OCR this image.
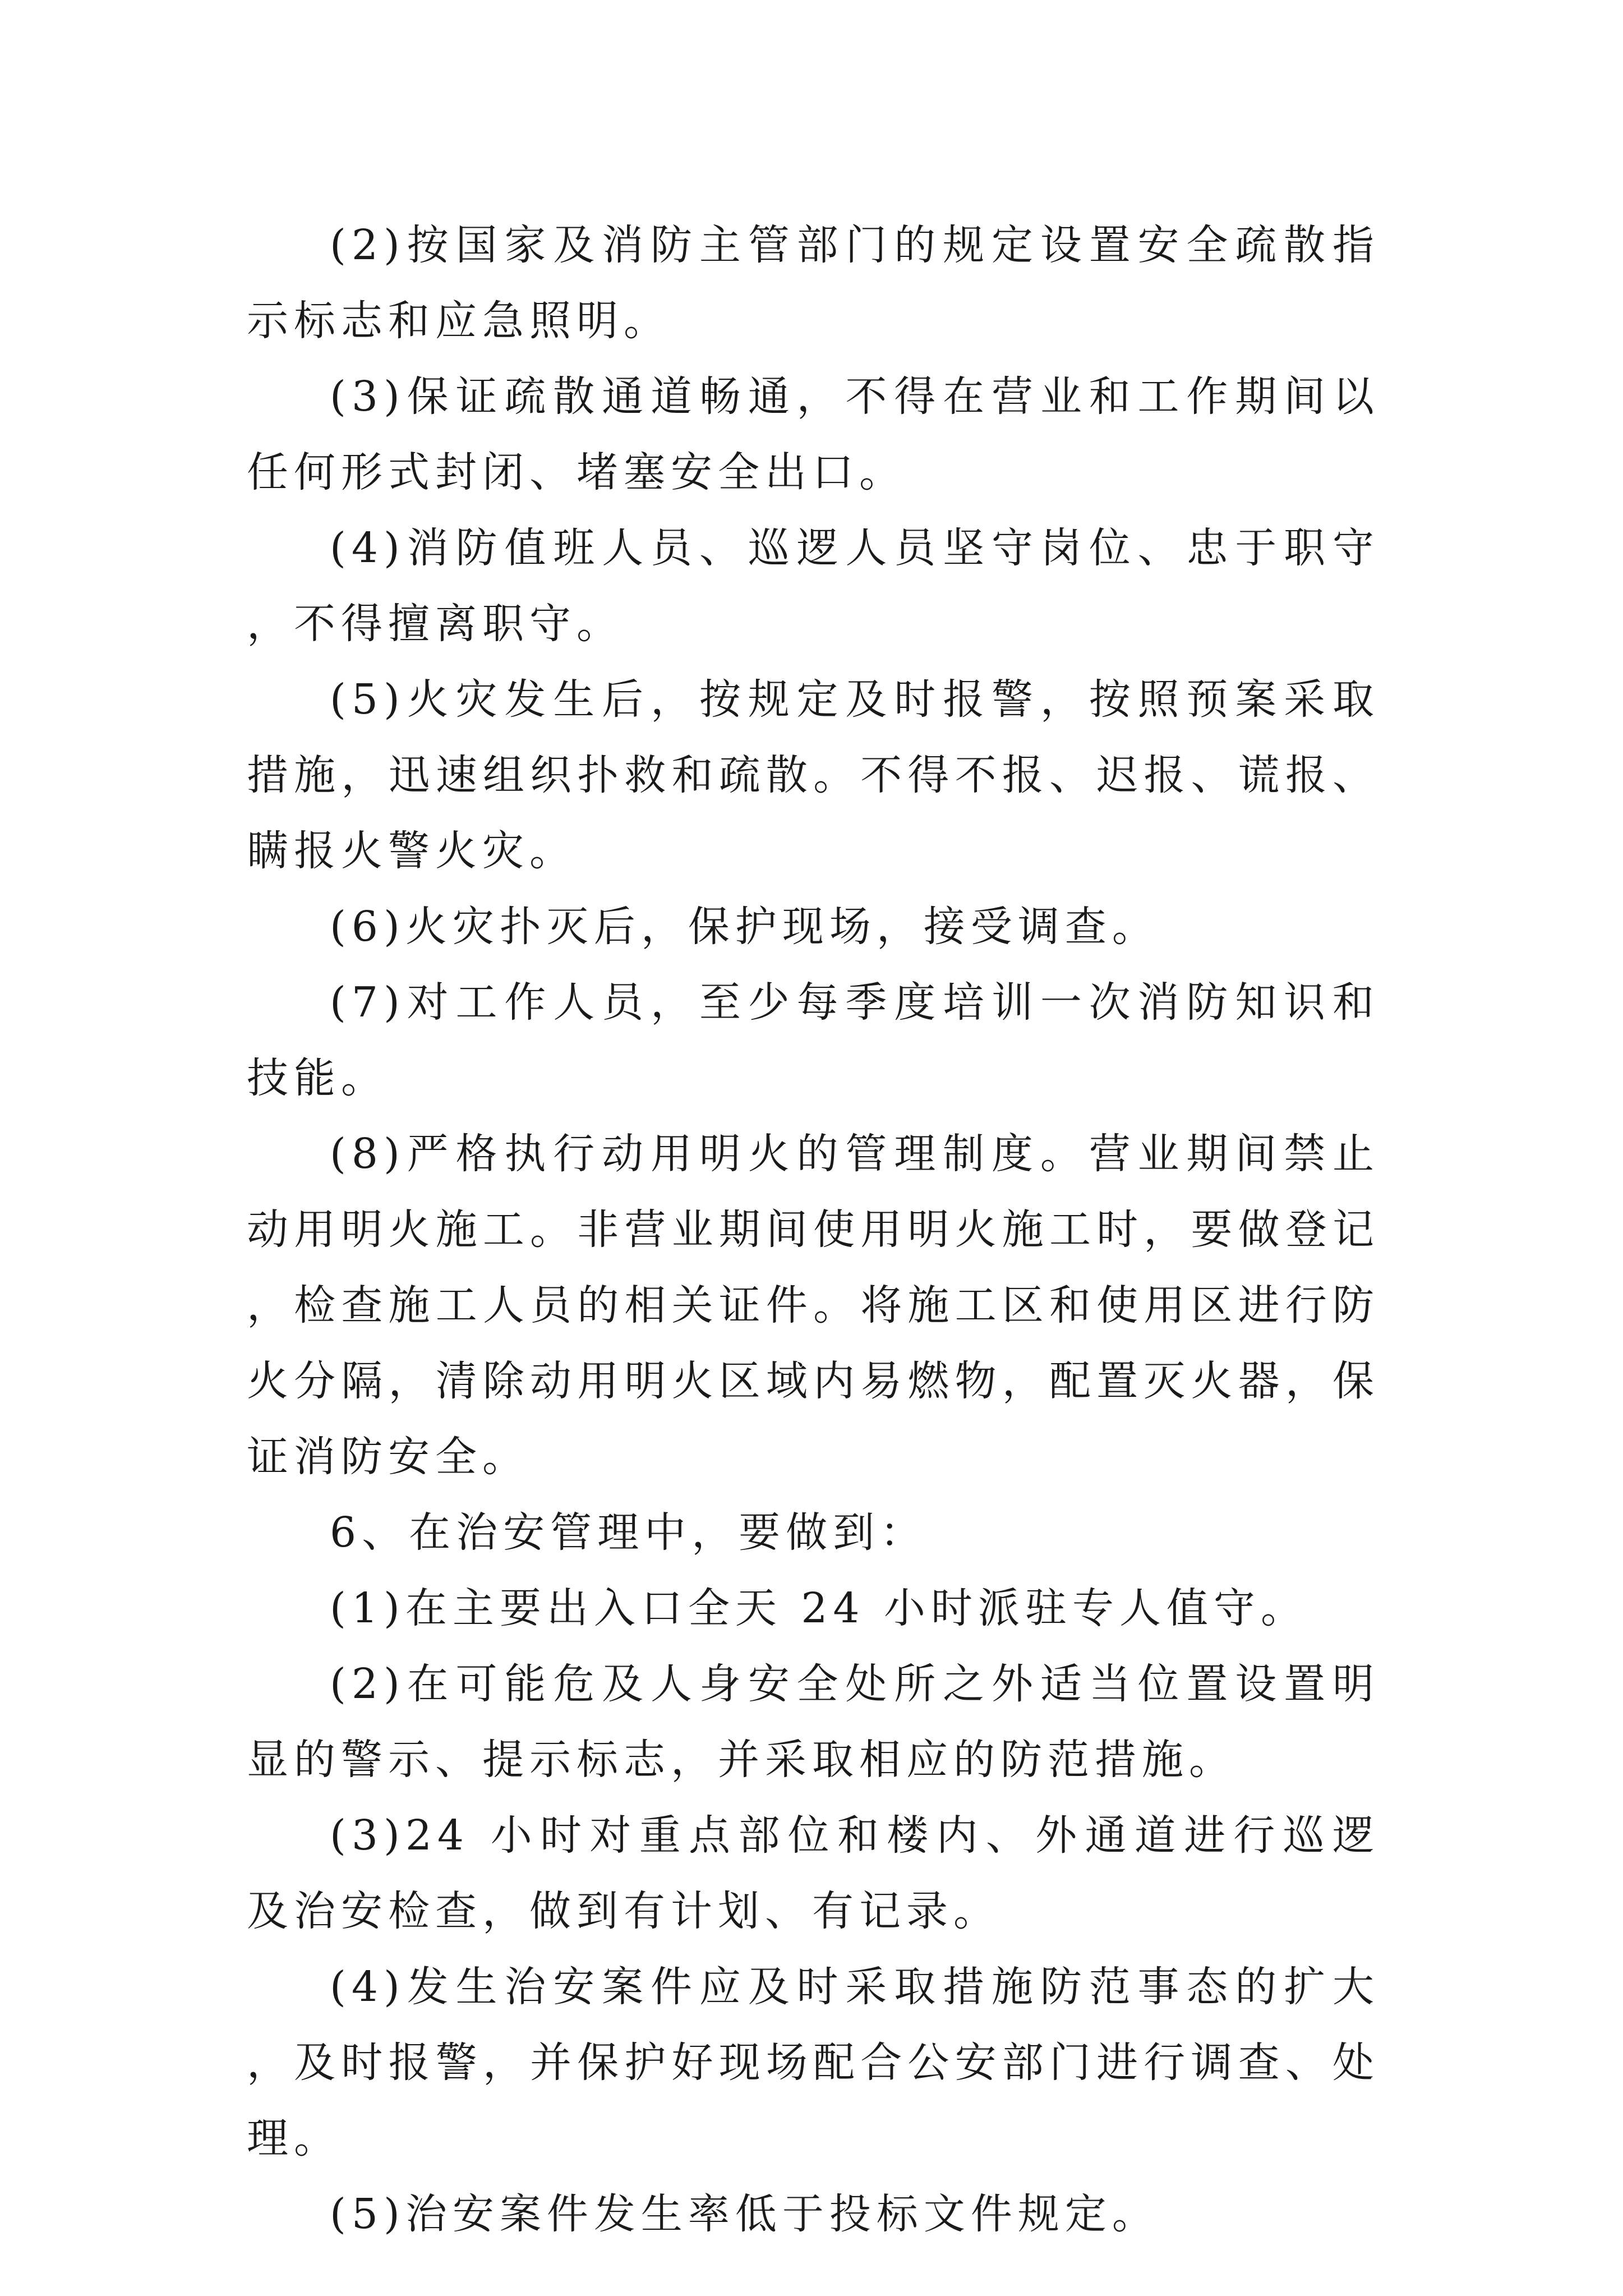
(2)按国家及消防主管部门的规定设置安全疏散指示标志和应急照明。

(3)保证疏散通道畅通，不得在营业和工作期间以任何形式封闭、堵塞安全出口。

(4)消防值班人员、巡逻人员坚守岗位、忠于职守，不得擅离职守。

(5)火灾发生后，按规定及时报警，按照预案采取措施，迅速组织扑救和疏散。不得不报、迟报、谎报、瞒报火警火灾。

(6)火灾扑灭后，保护现场，接受调查。

(7)对工作人员，至少每季度培训一次消防知识和技能。

(8)严格执行动用明火的管理制度。营业期间禁止动用明火施工。非营业期间使用明火施工时，要做登记，检查施工人员的相关证件。将施工区和使用区进行防火分隔，清除动用明火区域内易燃物，配置灭火器，保证消防安全。

6、在治安管理中，要做到：

(1)在主要出入口全天 24 小时派驻专人值守。

(2)在可能危及人身安全处所之外适当位置设置明显的警示、提示标志，并采取相应的防范措施。

(3)24 小时对重点部位和楼内、外通道进行巡逻及治安检查，做到有计划、有记录。

(4)发生治安案件应及时采取措施防范事态的扩大，及时报警，并保护好现场配合公安部门进行调查、处理。

(5)治安案件发生率低于投标文件规定。
